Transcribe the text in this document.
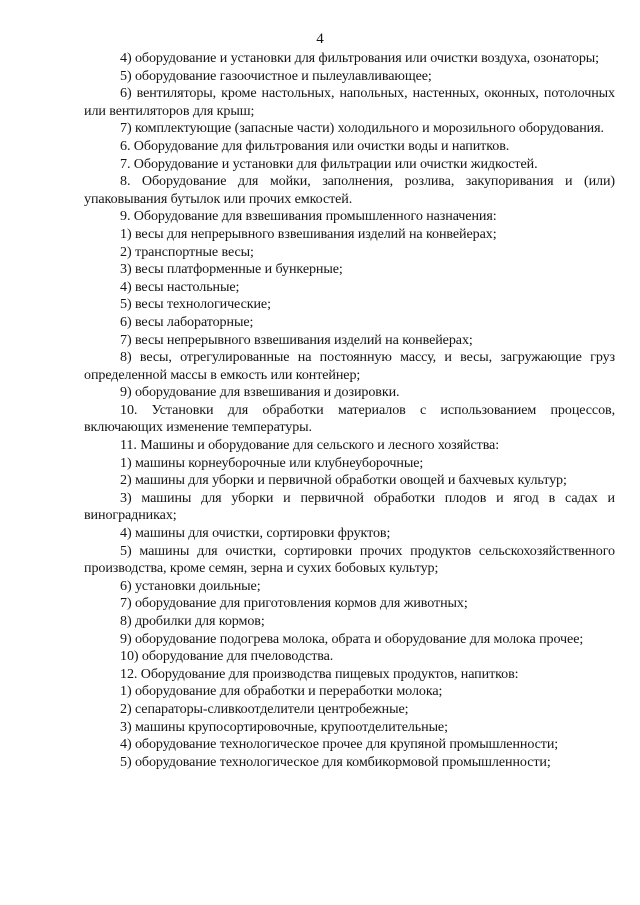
4

4) оборудование и установки для фильтрования или очистки воздуха, озонаторы;

5) оборудование газоочистное и пылеулавливающее;

6) вентиляторы, кроме настольных, напольных, настенных, оконных, потолочных или вентиляторов для крыш;

7) комплектующие (запасные части) холодильного и морозильного оборудования.

6. Оборудование для фильтрования или очистки воды и напитков.

7. Оборудование и установки для фильтрации или очистки жидкостей.

8. Оборудование для мойки, заполнения, розлива, закупоривания и (или) упаковывания бутылок или прочих емкостей.

9. Оборудование для взвешивания промышленного назначения:

1) весы для непрерывного взвешивания изделий на конвейерах;

2) транспортные весы;

3) весы платформенные и бункерные;

4) весы настольные;

5) весы технологические;

6) весы лабораторные;

7) весы непрерывного взвешивания изделий на конвейерах;

8) весы, отрегулированные на постоянную массу, и весы, загружающие груз определенной массы в емкость или контейнер;

9) оборудование для взвешивания и дозировки.

10. Установки для обработки материалов с использованием процессов, включающих изменение температуры.

11. Машины и оборудование для сельского и лесного хозяйства:

1) машины корнеуборочные или клубнеуборочные;

2) машины для уборки и первичной обработки овощей и бахчевых культур;

3) машины для уборки и первичной обработки плодов и ягод в садах и виноградниках;

4) машины для очистки, сортировки фруктов;

5) машины для очистки, сортировки прочих продуктов сельскохозяйственного производства, кроме семян, зерна и сухих бобовых культур;

6) установки доильные;

7) оборудование для приготовления кормов для животных;

8) дробилки для кормов;

9) оборудование подогрева молока, обрата и оборудование для молока прочее;

10) оборудование для пчеловодства.

12. Оборудование для производства пищевых продуктов, напитков:

1) оборудование для обработки и переработки молока;

2) сепараторы-сливкоотделители центробежные;

3) машины крупосортировочные, крупоотделительные;

4) оборудование технологическое прочее для крупяной промышленности;

5) оборудование технологическое для комбикормовой промышленности;
